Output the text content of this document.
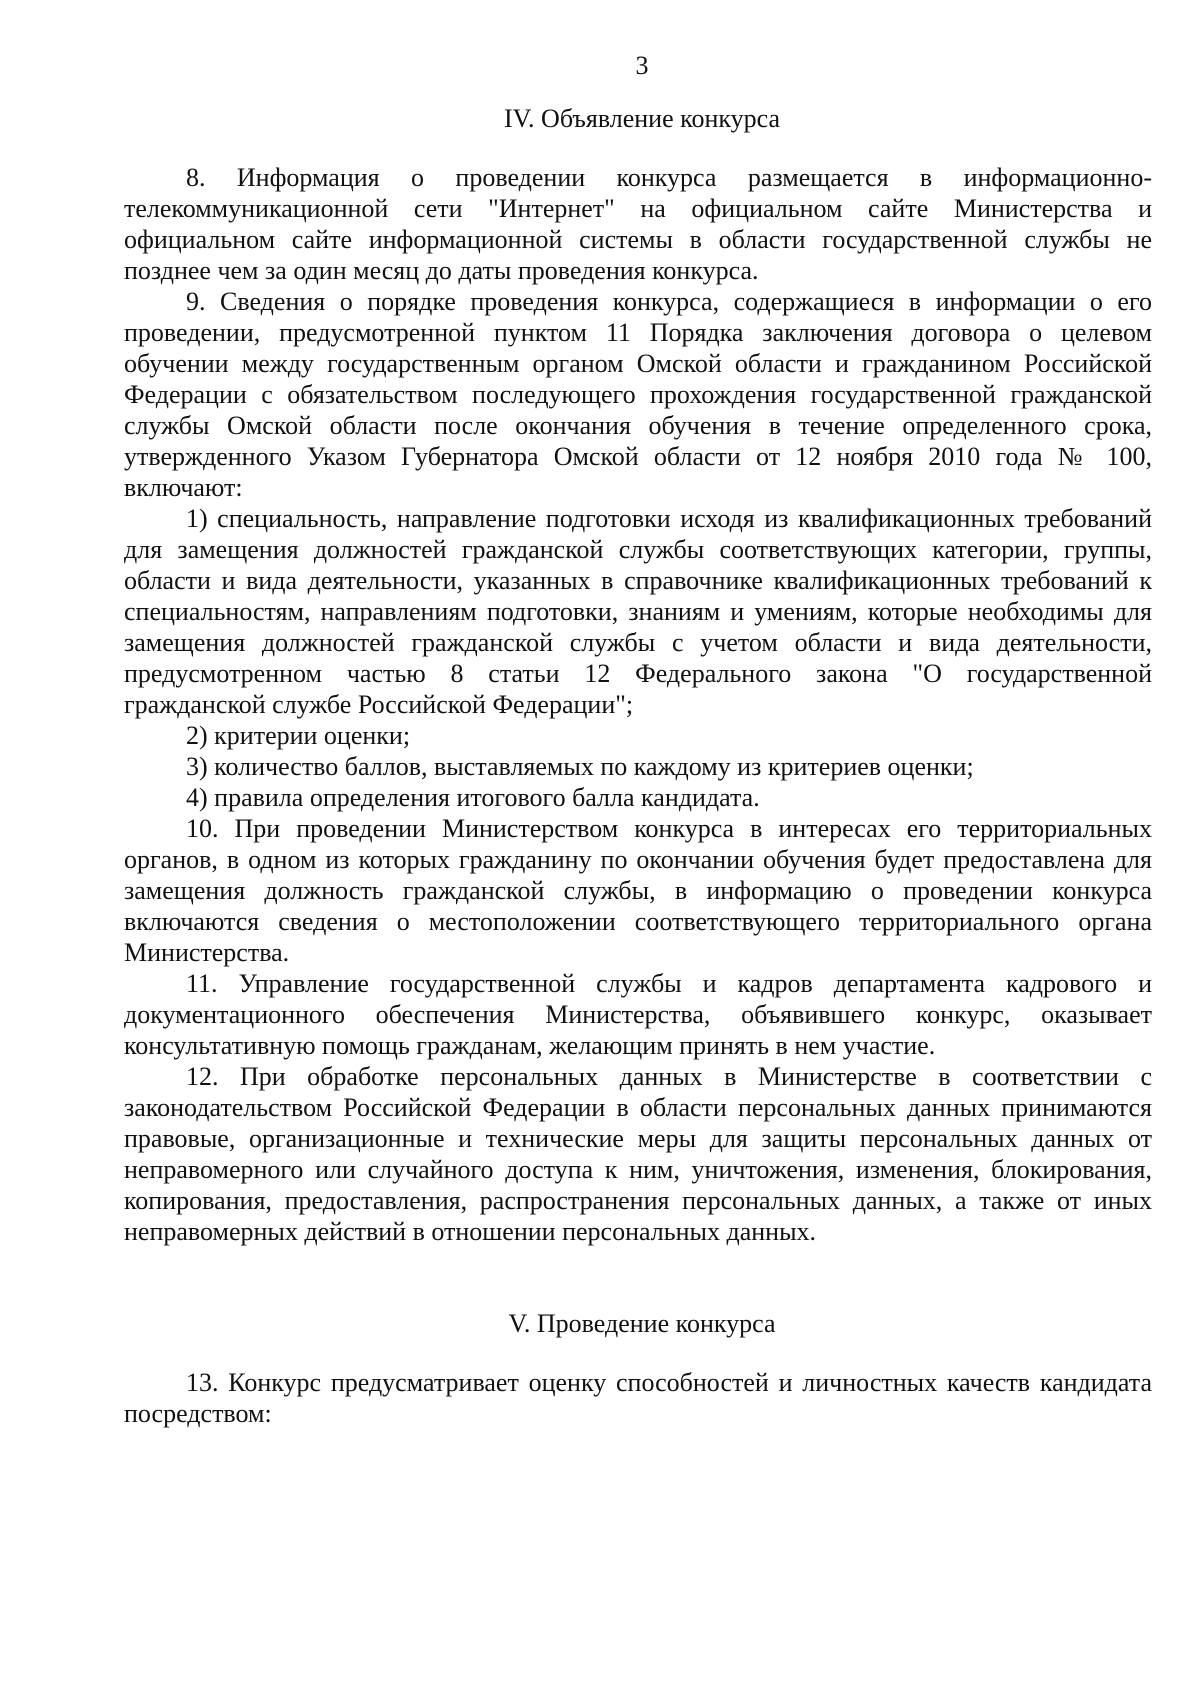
3
IV. Объявление конкурса

8. Информация о проведении конкурса размещается в информационно-телекоммуникационной сети "Интернет" на официальном сайте Министерства и официальном сайте информационной системы в области государственной службы не позднее чем за один месяц до даты проведения конкурса.

9. Сведения о порядке проведения конкурса, содержащиеся в информации о его проведении, предусмотренной пунктом 11 Порядка заключения договора о целевом обучении между государственным органом Омской области и гражданином Российской Федерации с обязательством последующего прохождения государственной гражданской службы Омской области после окончания обучения в течение определенного срока, утвержденного Указом Губернатора Омской области от 12 ноября 2010 года № 100, включают:

1) специальность, направление подготовки исходя из квалификационных требований для замещения должностей гражданской службы соответствующих категории, группы, области и вида деятельности, указанных в справочнике квалификационных требований к специальностям, направлениям подготовки, знаниям и умениям, которые необходимы для замещения должностей гражданской службы с учетом области и вида деятельности, предусмотренном частью 8 статьи 12 Федерального закона "О государственной гражданской службе Российской Федерации";
2) критерии оценки;
3) количество баллов, выставляемых по каждому из критериев оценки;
4) правила определения итогового балла кандидата.

10. При проведении Министерством конкурса в интересах его территориальных органов, в одном из которых гражданину по окончании обучения будет предоставлена для замещения должность гражданской службы, в информацию о проведении конкурса включаются сведения о местоположении соответствующего территориального органа Министерства.

11. Управление государственной службы и кадров департамента кадрового и документационного обеспечения Министерства, объявившего конкурс, оказывает консультативную помощь гражданам, желающим принять в нем участие.

12. При обработке персональных данных в Министерстве в соответствии с законодательством Российской Федерации в области персональных данных принимаются правовые, организационные и технические меры для защиты персональных данных от неправомерного или случайного доступа к ним, уничтожения, изменения, блокирования, копирования, предоставления, распространения персональных данных, а также от иных неправомерных действий в отношении персональных данных.

V. Проведение конкурса

13. Конкурс предусматривает оценку способностей и личностных качеств кандидата посредством:
